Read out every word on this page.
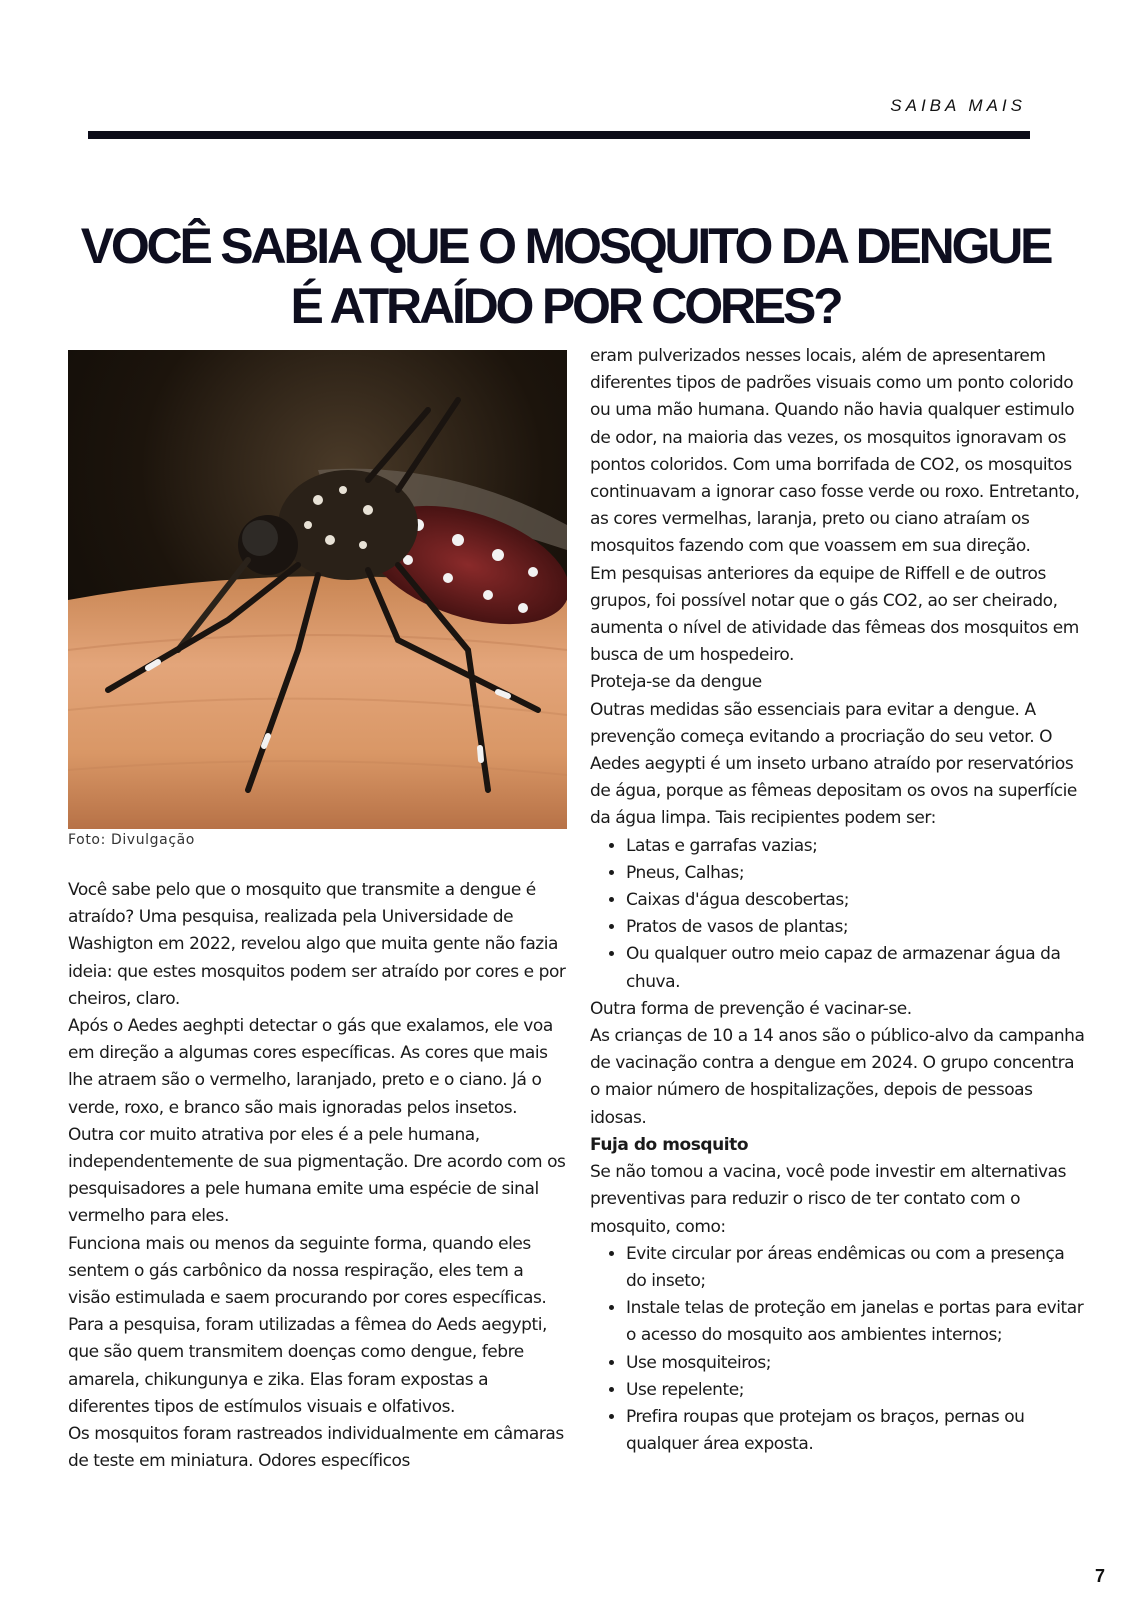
SAIBA MAIS
VOCÊ SABIA QUE O MOSQUITO DA DENGUE
É ATRAÍDO POR CORES?
Foto: Divulgação

Você sabe pelo que o mosquito que transmite a dengue é atraído? Uma pesquisa, realizada pela Universidade de Washigton em 2022, revelou algo que muita gente não fazia ideia: que estes mosquitos podem ser atraído por cores e por cheiros, claro.

Após o Aedes aeghpti detectar o gás que exalamos, ele voa em direção a algumas cores específicas. As cores que mais lhe atraem são o vermelho, laranjado, preto e o ciano. Já o verde, roxo, e branco são mais ignoradas pelos insetos. Outra cor muito atrativa por eles é a pele humana, independentemente de sua pigmentação. Dre acordo com os pesquisadores a pele humana emite uma espécie de sinal vermelho para eles.

Funciona mais ou menos da seguinte forma, quando eles sentem o gás carbônico da nossa respiração, eles tem a visão estimulada e saem procurando por cores específicas.

Para a pesquisa, foram utilizadas a fêmea do Aeds aegypti, que são quem transmitem doenças como dengue, febre amarela, chikungunya e zika. Elas foram expostas a diferentes tipos de estímulos visuais e olfativos.

Os mosquitos foram rastreados individualmente em câmaras de teste em miniatura. Odores específicos

eram pulverizados nesses locais, além de apresentarem diferentes tipos de padrões visuais como um ponto colorido ou uma mão humana. Quando não havia qualquer estimulo de odor, na maioria das vezes, os mosquitos ignoravam os pontos coloridos. Com uma borrifada de CO2, os mosquitos continuavam a ignorar caso fosse verde ou roxo. Entretanto, as cores vermelhas, laranja, preto ou ciano atraíam os mosquitos fazendo com que voassem em sua direção.

Em pesquisas anteriores da equipe de Riffell e de outros grupos, foi possível notar que o gás CO2, ao ser cheirado, aumenta o nível de atividade das fêmeas dos mosquitos em busca de um hospedeiro.

Proteja-se da dengue

Outras medidas são essenciais para evitar a dengue. A prevenção começa evitando a procriação do seu vetor. O Aedes aegypti é um inseto urbano atraído por reservatórios de água, porque as fêmeas depositam os ovos na superfície da água limpa. Tais recipientes podem ser:

• Latas e garrafas vazias;
• Pneus, Calhas;
• Caixas d'água descobertas;
• Pratos de vasos de plantas;
• Ou qualquer outro meio capaz de armazenar água da chuva.

Outra forma de prevenção é vacinar-se.

As crianças de 10 a 14 anos são o público-alvo da campanha de vacinação contra a dengue em 2024. O grupo concentra o maior número de hospitalizações, depois de pessoas idosas.

Fuja do mosquito

Se não tomou a vacina, você pode investir em alternativas preventivas para reduzir o risco de ter contato com o mosquito, como:

• Evite circular por áreas endêmicas ou com a presença do inseto;
• Instale telas de proteção em janelas e portas para evitar o acesso do mosquito aos ambientes internos;
• Use mosquiteiros;
• Use repelente;
• Prefira roupas que protejam os braços, pernas ou qualquer área exposta.
7
